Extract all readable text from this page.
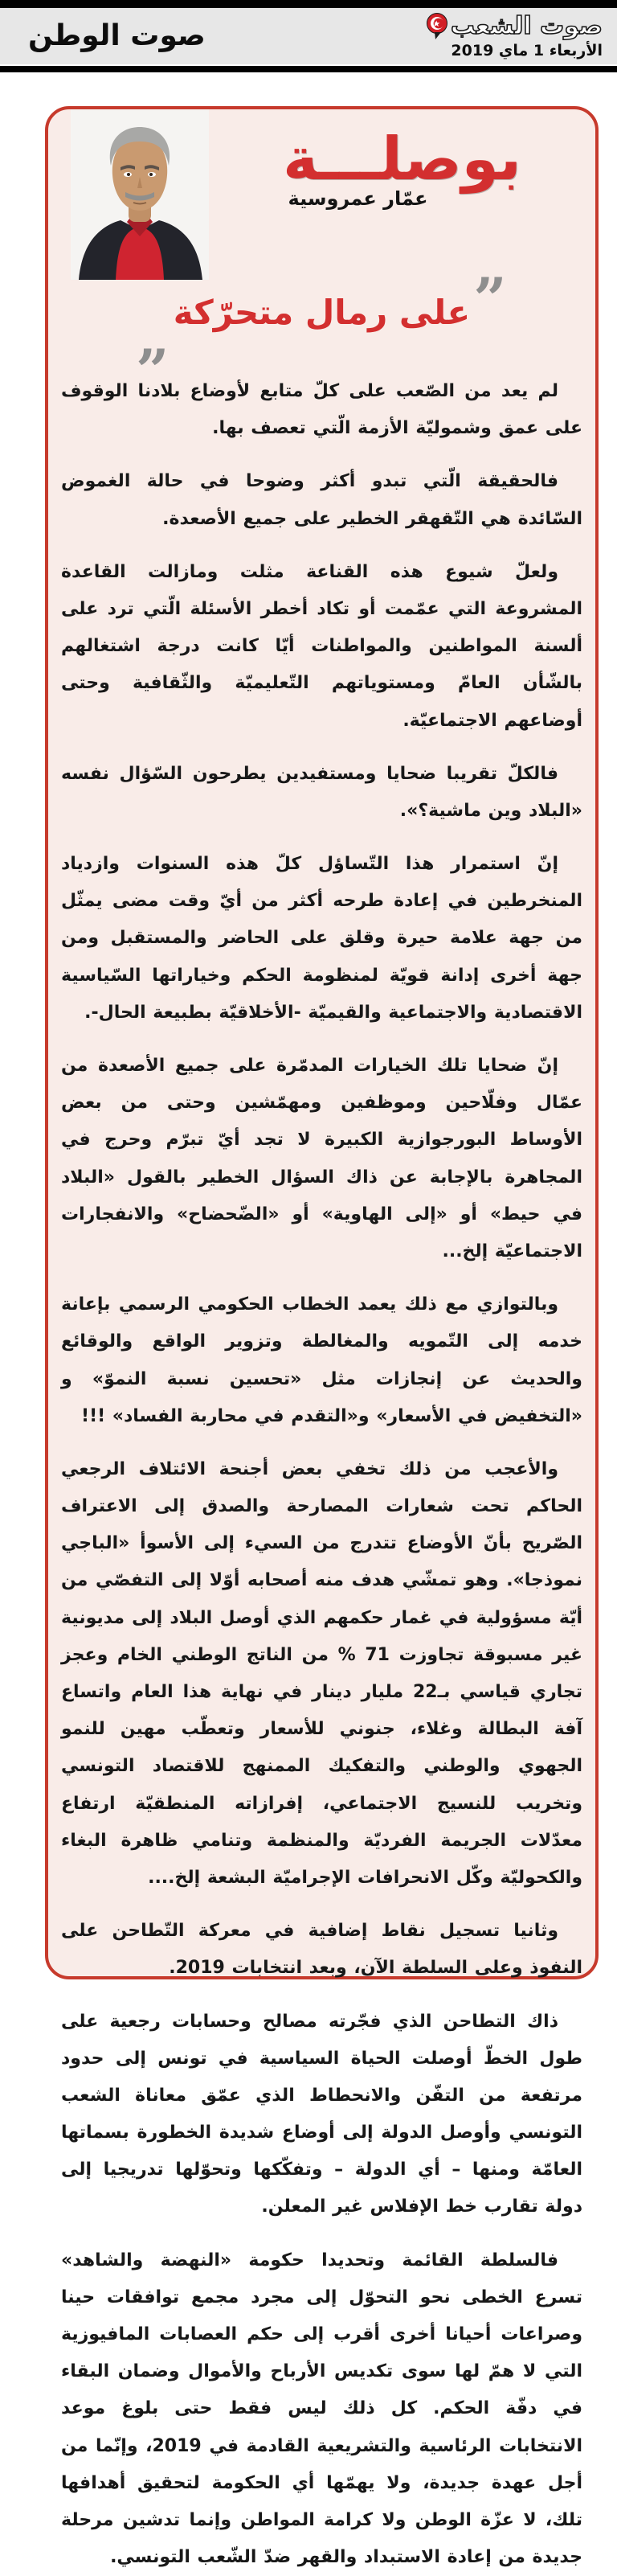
صوت الوطن	صوت الشعب
الأربعاء 1 ماي 2019
بوصلـــة
عمّار عمروسية
”
على رمال متحرّكة
„

لم يعد من الصّعب على كلّ متابع لأوضاع بلادنا الوقوف على عمق وشموليّة الأزمة الّتي تعصف بها.

فالحقيقة الّتي تبدو أكثر وضوحا في حالة الغموض السّائدة هي التّقهقر الخطير على جميع الأصعدة.

ولعلّ شيوع هذه القناعة مثلت ومازالت القاعدة المشروعة التي عمّمت أو تكاد أخطر الأسئلة الّتي ترد على ألسنة المواطنين والمواطنات أيّا كانت درجة اشتغالهم بالشّأن العامّ ومستوياتهم التّعليميّة والثّقافية وحتى أوضاعهم الاجتماعيّة.

فالكلّ تقريبا ضحايا ومستفيدين يطرحون السّؤال نفسه «البلاد وين ماشية؟».

إنّ استمرار هذا التّساؤل كلّ هذه السنوات وازدياد المنخرطين في إعادة طرحه أكثر من أيّ وقت مضى يمثّل من جهة علامة حيرة وقلق على الحاضر والمستقبل ومن جهة أخرى إدانة قويّة لمنظومة الحكم وخياراتها السّياسية الاقتصادية والاجتماعية والقيميّة -الأخلاقيّة بطبيعة الحال-.

إنّ ضحايا تلك الخيارات المدمّرة على جميع الأصعدة من عمّال وفلّاحين وموظفين ومهمّشين وحتى من بعض الأوساط البورجوازية الكبيرة لا تجد أيّ تبرّم وحرج في المجاهرة بالإجابة عن ذاك السؤال الخطير بالقول «البلاد في حيط» أو «إلى الهاوية» أو «الضّحضاح» والانفجارات الاجتماعيّة إلخ...

وبالتوازي مع ذلك يعمد الخطاب الحكومي الرسمي بإعانة خدمه إلى التّمويه والمغالطة وتزوير الواقع والوقائع والحديث عن إنجازات مثل «تحسين نسبة النموّ» و «التخفيض في الأسعار» و«التقدم في محاربة الفساد» !!!

والأعجب من ذلك تخفي بعض أجنحة الائتلاف الرجعي الحاكم تحت شعارات المصارحة والصدق إلى الاعتراف الصّريح بأنّ الأوضاع تتدرج من السيء إلى الأسوأ «الباجي نموذجا». وهو تمشّي هدف منه أصحابه أوّلا إلى التفصّي من أيّة مسؤولية في غمار حكمهم الذي أوصل البلاد إلى مديونية غير مسبوقة تجاوزت 71 % من الناتج الوطني الخام وعجز تجاري قياسي بـ22 مليار دينار في نهاية هذا العام واتساع آفة البطالة وغلاء، جنوني للأسعار وتعطّب مهين للنمو الجهوي والوطني والتفكيك الممنهج للاقتصاد التونسي وتخريب للنسيج الاجتماعي، إفرازاته المنطقيّة ارتفاع معدّلات الجريمة الفرديّة والمنظمة وتنامي ظاهرة البغاء والكحوليّة وكّل الانحرافات الإجراميّة البشعة إلخ....

وثانيا تسجيل نقاط إضافية في معركة التّطاحن على النفوذ وعلى السلطة الآن، وبعد انتخابات 2019.

ذاك التطاحن الذي فجّرته مصالح وحسابات رجعية على طول الخطّ أوصلت الحياة السياسية في تونس إلى حدود مرتفعة من التفّن والانحطاط الذي عمّق معاناة الشعب التونسي وأوصل الدولة إلى أوضاع شديدة الخطورة بسماتها العامّة ومنها – أي الدولة – وتفكّكها وتحوّلها تدريجيا إلى دولة تقارب خط الإفلاس غير المعلن.

فالسلطة القائمة وتحديدا حكومة «النهضة والشاهد» تسرع الخطى نحو التحوّل إلى مجرد مجمع توافقات حينا وصراعات أحيانا أخرى أقرب إلى حكم العصابات المافيوزية التي لا همّ لها سوى تكديس الأرباح والأموال وضمان البقاء في دفّة الحكم. كل ذلك ليس فقط حتى بلوغ موعد الانتخابات الرئاسية والتشريعية القادمة في 2019، وإنّما من أجل عهدة جديدة، ولا يهمّها أي الحكومة لتحقيق أهدافها تلك، لا عزّة الوطن ولا كرامة المواطن وإنما تدشين مرحلة جديدة من إعادة الاستبداد والقهر ضدّ الشّعب التونسي.
